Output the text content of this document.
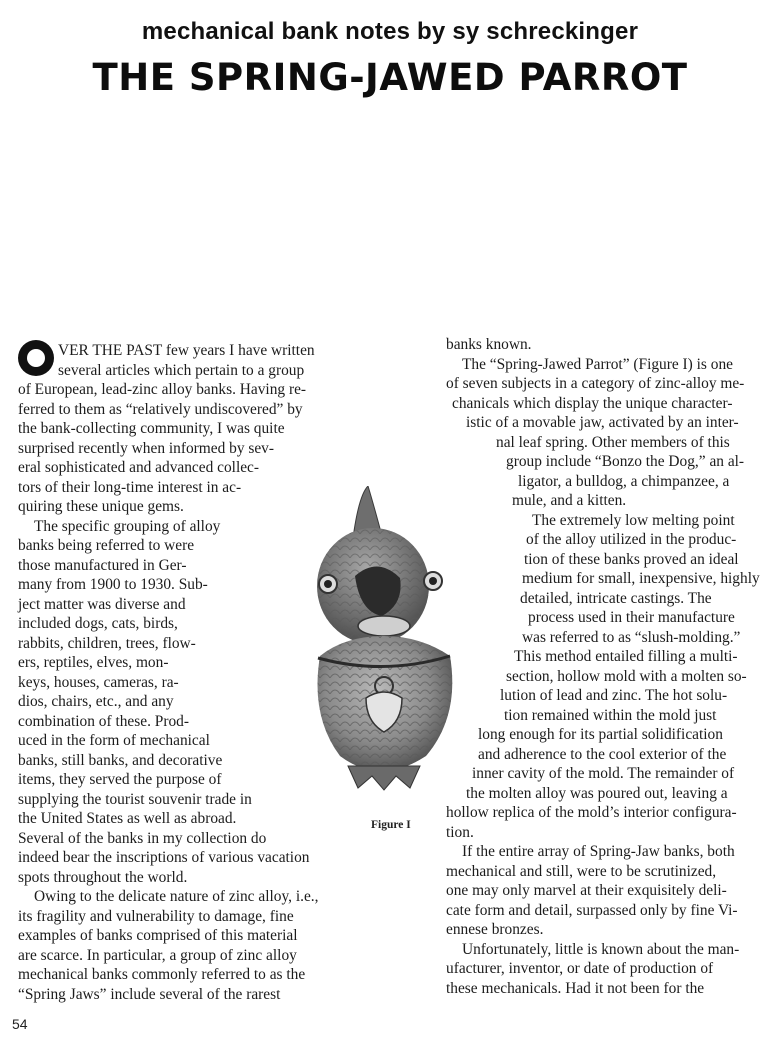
mechanical bank notes by sy schreckinger
THE SPRING-JAWED PARROT
VER THE PAST few years I have written
several articles which pertain to a group
of European, lead-zinc alloy banks. Having re-
ferred to them as “relatively undiscovered” by
the bank-collecting community, I was quite
surprised recently when informed by sev-
eral sophisticated and advanced collec-
tors of their long-time interest in ac-
quiring these unique gems.
The specific grouping of alloy
banks being referred to were
those manufactured in Ger-
many from 1900 to 1930. Sub-
ject matter was diverse and
included dogs, cats, birds,
rabbits, children, trees, flow-
ers, reptiles, elves, mon-
keys, houses, cameras, ra-
dios, chairs, etc., and any
combination of these. Prod-
uced in the form of mechanical
banks, still banks, and decorative
items, they served the purpose of
supplying the tourist souvenir trade in
the United States as well as abroad.
Several of the banks in my collection do
indeed bear the inscriptions of various vacation
spots throughout the world.
Owing to the delicate nature of zinc alloy, i.e.,
its fragility and vulnerability to damage, fine
examples of banks comprised of this material
are scarce. In particular, a group of zinc alloy
mechanical banks commonly referred to as the
“Spring Jaws” include several of the rarest
banks known.
The “Spring-Jawed Parrot” (Figure I) is one
of seven subjects in a category of zinc-alloy me-
chanicals which display the unique character-
istic of a movable jaw, activated by an inter-
nal leaf spring. Other members of this
group include “Bonzo the Dog,” an al-
ligator, a bulldog, a chimpanzee, a
mule, and a kitten.
The extremely low melting point
of the alloy utilized in the produc-
tion of these banks proved an ideal
medium for small, inexpensive, highly
detailed, intricate castings. The
process used in their manufacture
was referred to as “slush-molding.”
This method entailed filling a multi-
section, hollow mold with a molten so-
lution of lead and zinc. The hot solu-
tion remained within the mold just
long enough for its partial solidification
and adherence to the cool exterior of the
inner cavity of the mold. The remainder of
the molten alloy was poured out, leaving a
hollow replica of the mold’s interior configura-
tion.
If the entire array of Spring-Jaw banks, both
mechanical and still, were to be scrutinized,
one may only marvel at their exquisitely deli-
cate form and detail, surpassed only by fine Vi-
ennese bronzes.
Unfortunately, little is known about the man-
ufacturer, inventor, or date of production of
these mechanicals. Had it not been for the
Figure I
54
